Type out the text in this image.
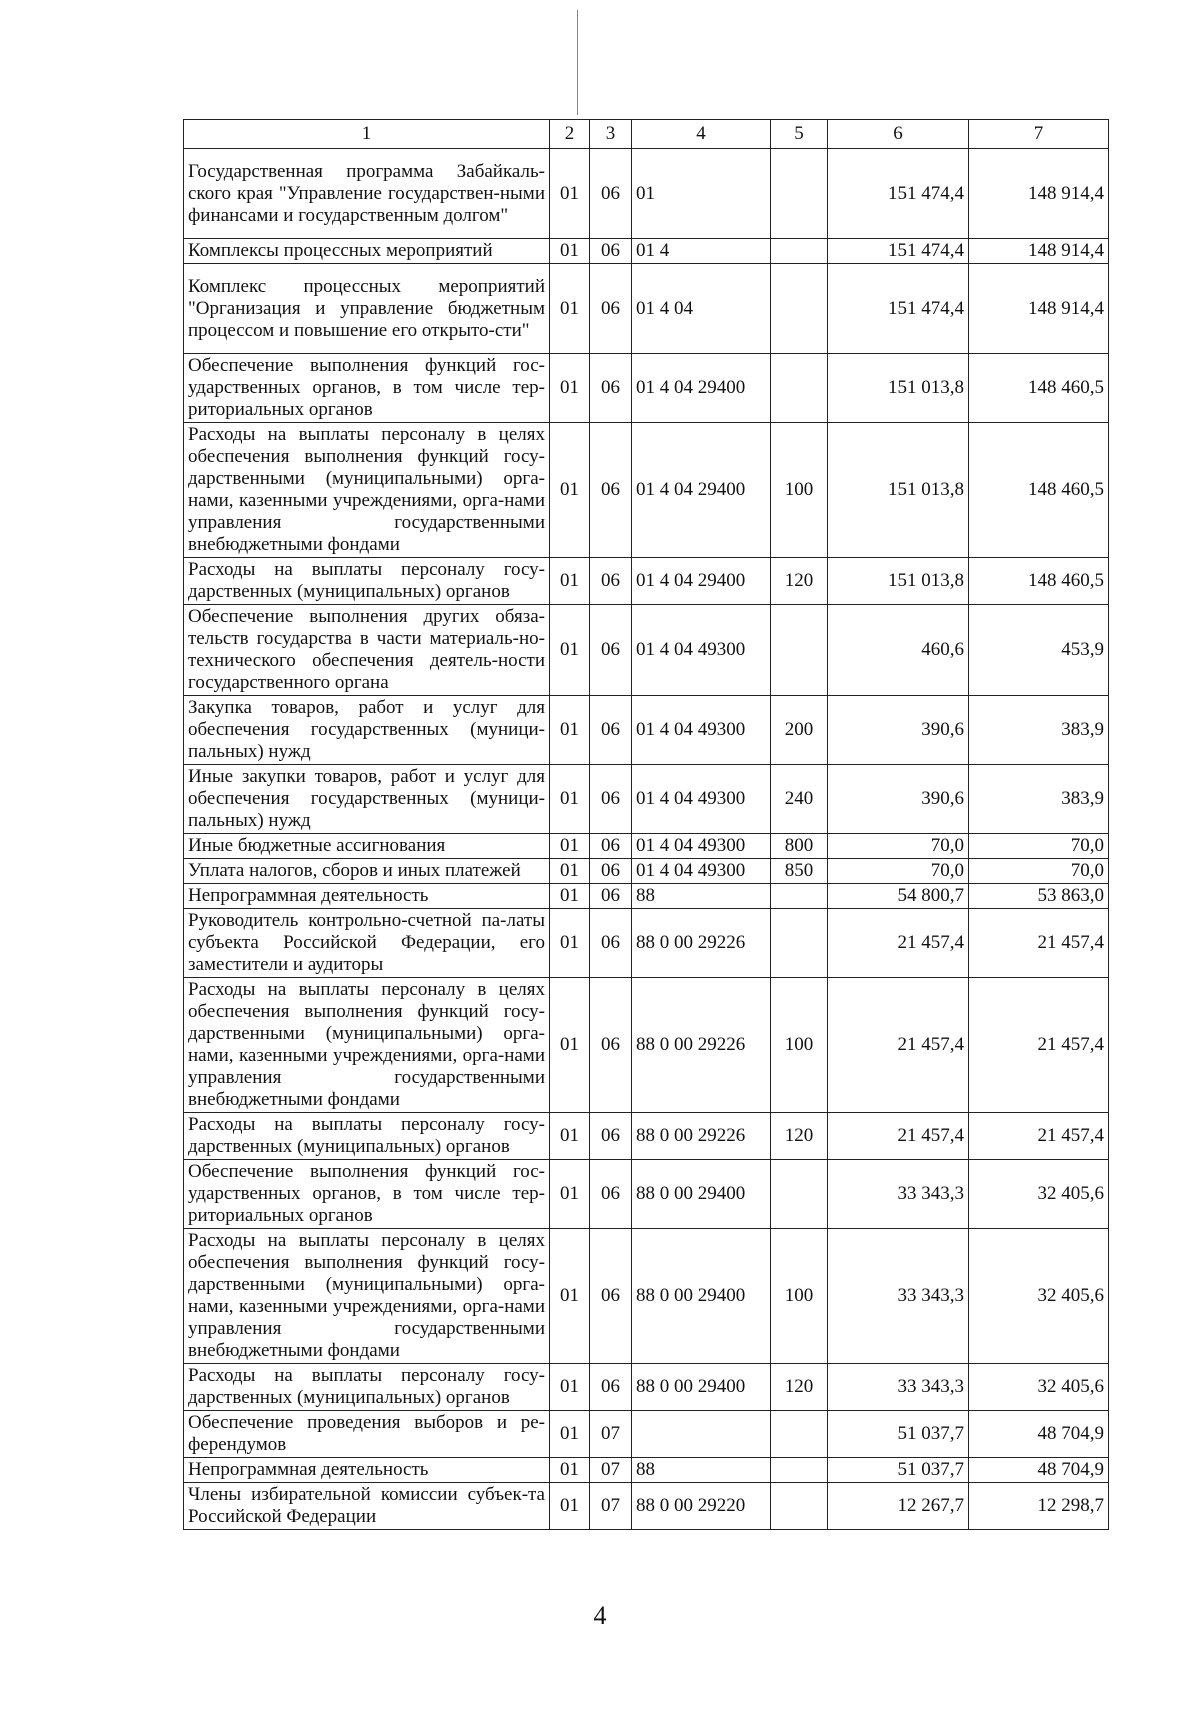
1	2	3	4	5	6	7
Государственная программа Забайкаль-ского края "Управление государствен-ными финансами и государственным долгом"	01	06	01		151 474,4	148 914,4
Комплексы процессных мероприятий	01	06	01 4		151 474,4	148 914,4
Комплекс процессных мероприятий "Организация и управление бюджетным процессом и повышение его открыто-сти"	01	06	01 4 04		151 474,4	148 914,4
Обеспечение выполнения функций гос-ударственных органов, в том числе тер-риториальных органов	01	06	01 4 04 29400		151 013,8	148 460,5
Расходы на выплаты персоналу в целях обеспечения выполнения функций госу-дарственными (муниципальными) орга-нами, казенными учреждениями, орга-нами управления государственными внебюджетными фондами	01	06	01 4 04 29400	100	151 013,8	148 460,5
Расходы на выплаты персоналу госу-дарственных (муниципальных) органов	01	06	01 4 04 29400	120	151 013,8	148 460,5
Обеспечение выполнения других обяза-тельств государства в части материаль-но-технического обеспечения деятель-ности государственного органа	01	06	01 4 04 49300		460,6	453,9
Закупка товаров, работ и услуг для обеспечения государственных (муници-пальных) нужд	01	06	01 4 04 49300	200	390,6	383,9
Иные закупки товаров, работ и услуг для обеспечения государственных (муници-пальных) нужд	01	06	01 4 04 49300	240	390,6	383,9
Иные бюджетные ассигнования	01	06	01 4 04 49300	800	70,0	70,0
Уплата налогов, сборов и иных платежей	01	06	01 4 04 49300	850	70,0	70,0
Непрограммная деятельность	01	06	88		54 800,7	53 863,0
Руководитель контрольно-счетной па-латы субъекта Российской Федерации, его заместители и аудиторы	01	06	88 0 00 29226		21 457,4	21 457,4
Расходы на выплаты персоналу в целях обеспечения выполнения функций госу-дарственными (муниципальными) орга-нами, казенными учреждениями, орга-нами управления государственными внебюджетными фондами	01	06	88 0 00 29226	100	21 457,4	21 457,4
Расходы на выплаты персоналу госу-дарственных (муниципальных) органов	01	06	88 0 00 29226	120	21 457,4	21 457,4
Обеспечение выполнения функций гос-ударственных органов, в том числе тер-риториальных органов	01	06	88 0 00 29400		33 343,3	32 405,6
Расходы на выплаты персоналу в целях обеспечения выполнения функций госу-дарственными (муниципальными) орга-нами, казенными учреждениями, орга-нами управления государственными внебюджетными фондами	01	06	88 0 00 29400	100	33 343,3	32 405,6
Расходы на выплаты персоналу госу-дарственных (муниципальных) органов	01	06	88 0 00 29400	120	33 343,3	32 405,6
Обеспечение проведения выборов и ре-ферендумов	01	07			51 037,7	48 704,9
Непрограммная деятельность	01	07	88		51 037,7	48 704,9
Члены избирательной комиссии субъек-та Российской Федерации	01	07	88 0 00 29220		12 267,7	12 298,7
4
